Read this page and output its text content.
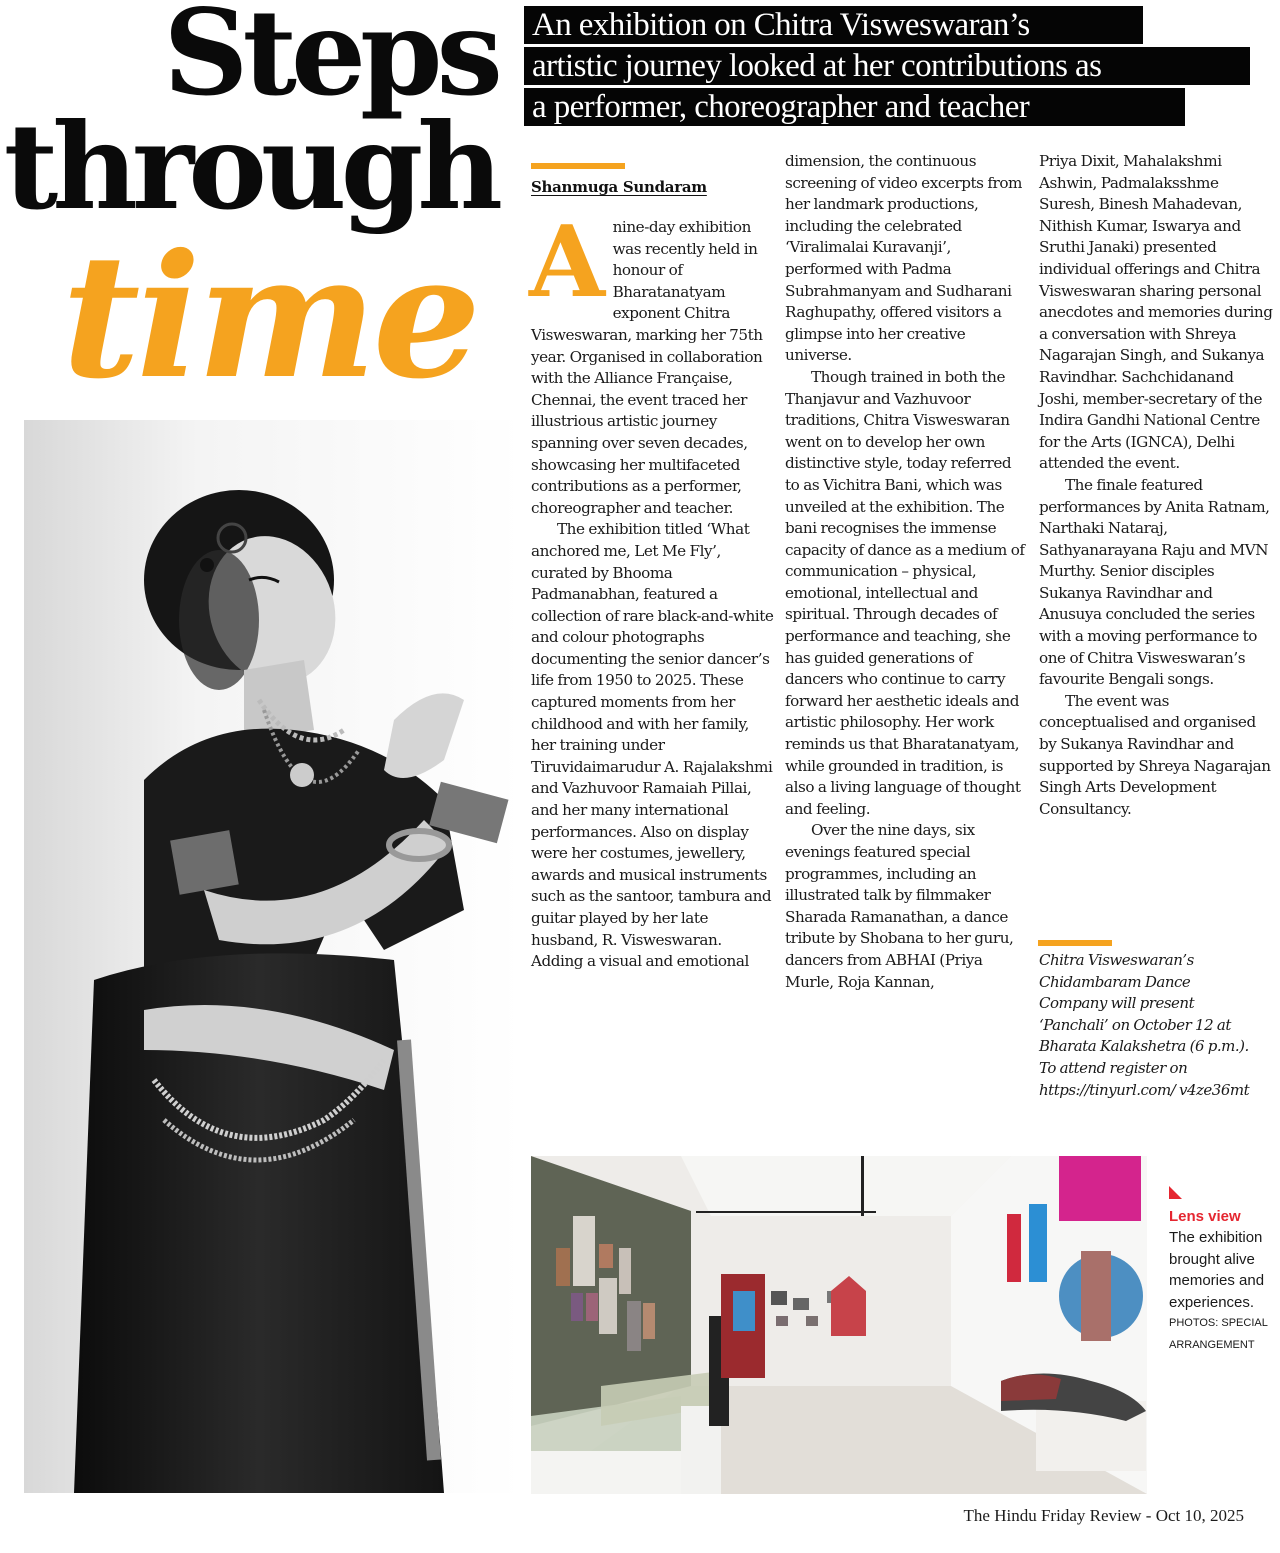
Steps
through
time
An exhibition on Chitra Visweswaran’s
artistic journey looked at her contributions as
a performer, choreographer and teacher
Shanmuga Sundaram
A nine-day exhibition was recently held in honour of Bharatanatyam exponent Chitra Visweswaran, marking her 75th year. Organised in collaboration with the Alliance Française, Chennai, the event traced her illustrious artistic journey spanning over seven decades, showcasing her multifaceted contributions as a performer, choreographer and teacher.

The exhibition titled ‘What anchored me, Let Me Fly’, curated by Bhooma Padmanabhan, featured a collection of rare black-and-white and colour photographs documenting the senior dancer’s life from 1950 to 2025. These captured moments from her childhood and with her family, her training under Tiruvidaimarudur A. Rajalakshmi and Vazhuvoor Ramaiah Pillai, and her many international performances. Also on display were her costumes, jewellery, awards and musical instruments such as the santoor, tambura and guitar played by her late husband, R. Visweswaran. Adding a visual and emotional

dimension, the continuous screening of video excerpts from her landmark productions, including the celebrated ‘Viralimalai Kuravanji’, performed with Padma Subrahmanyam and Sudharani Raghupathy, offered visitors a glimpse into her creative universe.

Though trained in both the Thanjavur and Vazhuvoor traditions, Chitra Visweswaran went on to develop her own distinctive style, today referred to as Vichitra Bani, which was unveiled at the exhibition. The bani recognises the immense capacity of dance as a medium of communication – physical, emotional, intellectual and spiritual. Through decades of performance and teaching, she has guided generations of dancers who continue to carry forward her aesthetic ideals and artistic philosophy. Her work reminds us that Bharatanatyam, while grounded in tradition, is also a living language of thought and feeling.

Over the nine days, six evenings featured special programmes, including an illustrated talk by filmmaker Sharada Ramanathan, a dance tribute by Shobana to her guru, dancers from ABHAI (Priya Murle, Roja Kannan,

Priya Dixit, Mahalakshmi Ashwin, Padmalaksshme Suresh, Binesh Mahadevan, Nithish Kumar, Iswarya and Sruthi Janaki) presented individual offerings and Chitra Visweswaran sharing personal anecdotes and memories during a conversation with Shreya Nagarajan Singh, and Sukanya Ravindhar. Sachchidanand Joshi, member-secretary of the Indira Gandhi National Centre for the Arts (IGNCA), Delhi attended the event.

The finale featured performances by Anita Ratnam, Narthaki Nataraj, Sathyanarayana Raju and MVN Murthy. Senior disciples Sukanya Ravindhar and Anusuya concluded the series with a moving performance to one of Chitra Visweswaran’s favourite Bengali songs.

The event was conceptualised and organised by Sukanya Ravindhar and supported by Shreya Nagarajan Singh Arts Development Consultancy.

Chitra Visweswaran’s
Chidambaram Dance
Company will present
‘Panchali’ on October 12 at
Bharata Kalakshetra (6 p.m.).
To attend register on
https://tinyurl.com/ v4ze36mt
Lens view
The exhibition brought alive memories and experiences.
PHOTOS: SPECIAL ARRANGEMENT
The Hindu Friday Review - Oct 10, 2025
